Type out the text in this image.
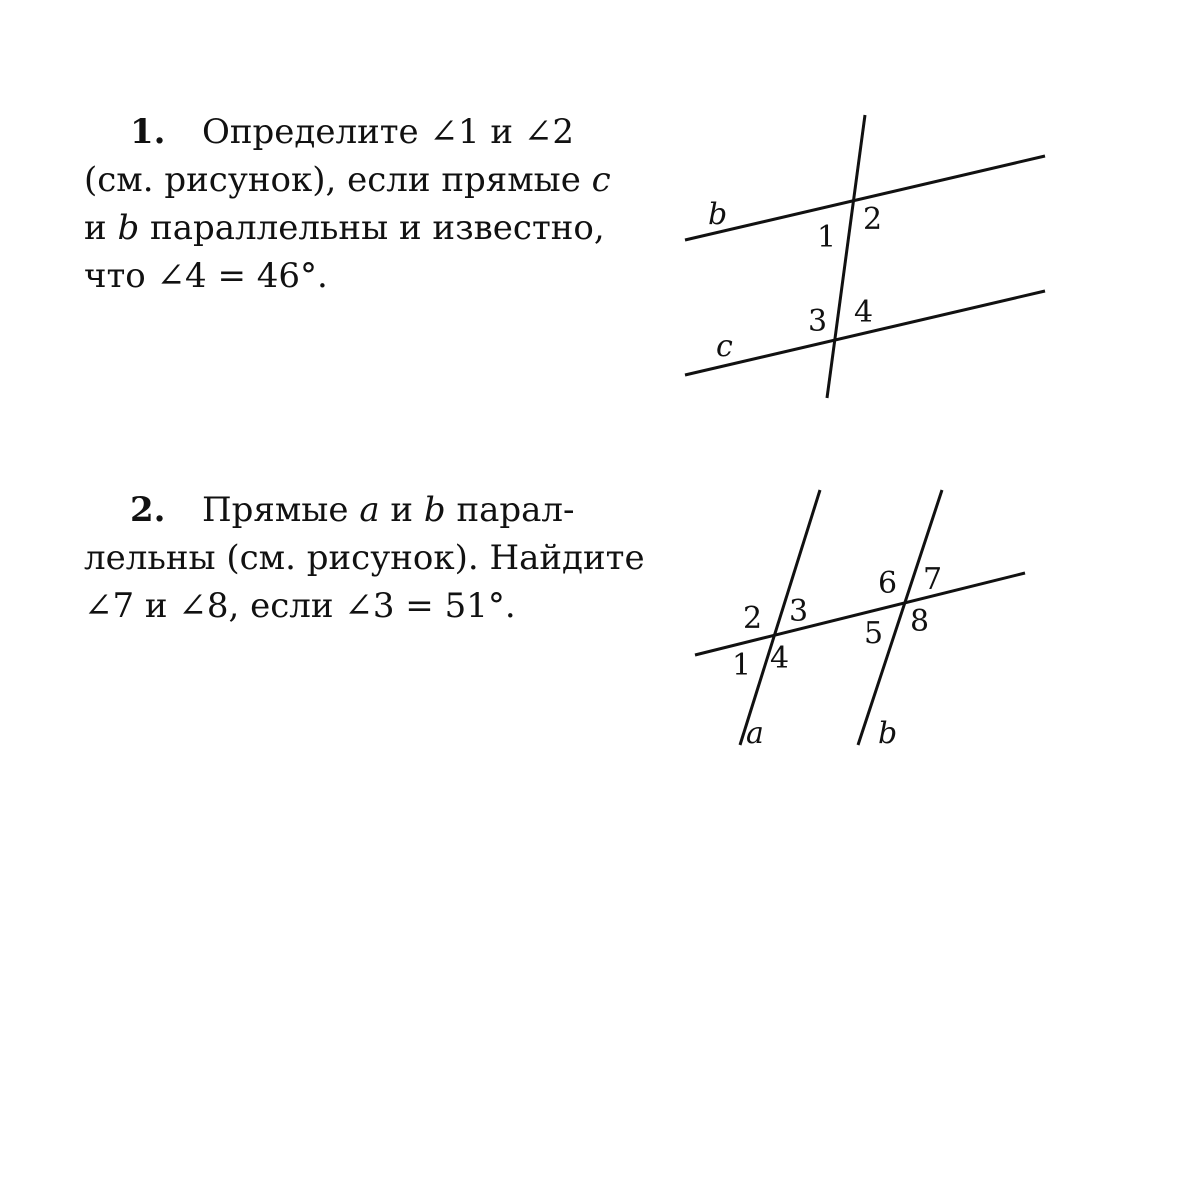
1. Определите ∠1 и ∠2
(см. рисунок), если прямые c
и b параллельны и известно,
что ∠4 = 46°.
b
c
1
2
3 4
2. Прямые a и b парал-
лельны (см. рисунок). Найдите
∠7 и ∠8, если ∠3 = 51°.	2 3
1 4
6 7
5 8
a	b
